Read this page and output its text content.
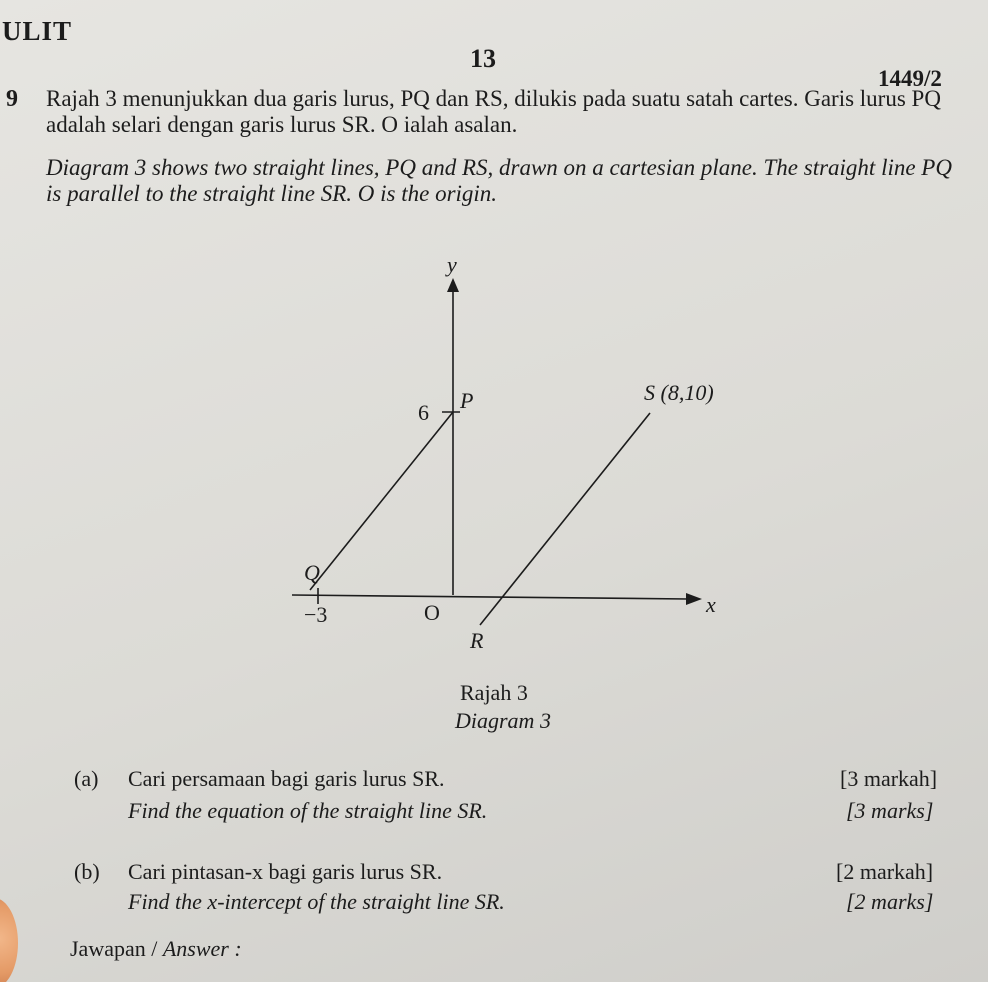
ULIT
13
1449/2
9 Rajah 3 menunjukkan dua garis lurus, PQ dan RS, dilukis pada suatu satah cartes. Garis lurus PQ adalah selari dengan garis lurus SR. O ialah asalan.
Diagram 3 shows two straight lines, PQ and RS, drawn on a cartesian plane. The straight line PQ is parallel to the straight line SR. O is the origin.
y
x
6
−3	O
P
Q
R
S (8,10)
Rajah 3
Diagram 3
(a) Cari persamaan bagi garis lurus SR.	[3 markah]
Find the equation of the straight line SR.	[3 marks]
(b) Cari pintasan-x bagi garis lurus SR.	[2 markah]
Find the x-intercept of the straight line SR.	[2 marks]
Jawapan / Answer :
